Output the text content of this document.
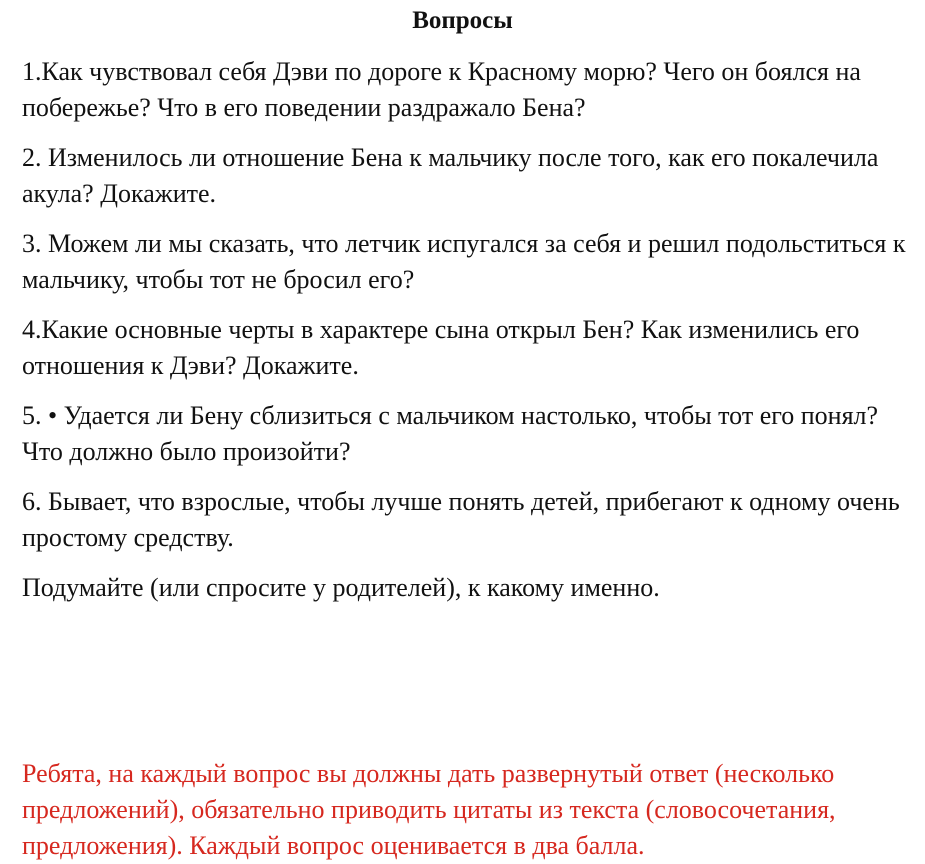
Вопросы

1.Как чувствовал себя Дэви по дороге к Красному морю? Чего он боялся на побережье? Что в его поведении раздражало Бена?

2. Изменилось ли отношение Бена к мальчику после того, как его покалечила акула? Докажите.

3. Можем ли мы сказать, что летчик испугался за себя и решил подольститься к мальчику, чтобы тот не бросил его?

4.Какие основные черты в характере сына открыл Бен? Как изменились его отношения к Дэви? Докажите.

5. • Удается ли Бену сблизиться с мальчиком настолько, чтобы тот его понял? Что должно было произойти?

6. Бывает, что взрослые, чтобы лучше понять детей, прибегают к одному очень простому средству.

Подумайте (или спросите у родителей), к какому именно.

Ребята, на каждый вопрос вы должны дать развернутый ответ (несколько предложений), обязательно приводить цитаты из текста (словосочетания, предложения). Каждый вопрос оценивается в два балла.
